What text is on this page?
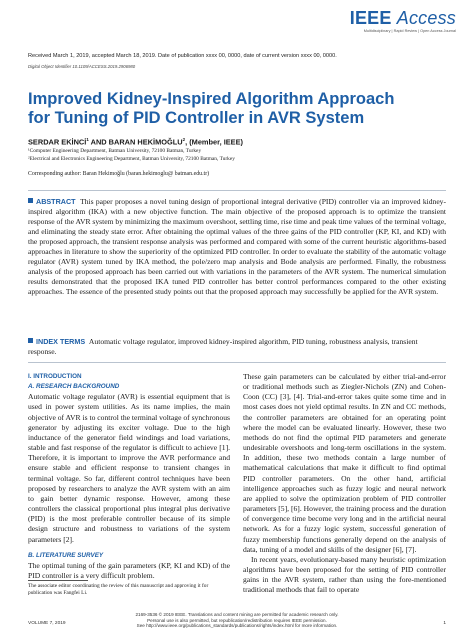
IEEE Access
Multidisciplinary | Rapid Review | Open Access Journal
Received March 1, 2019, accepted March 18, 2019. Date of publication xxxx 00, 0000, date of current version xxxx 00, 0000.
Digital Object Identifier 10.1109/ACCESS.2019.2906980
Improved Kidney-Inspired Algorithm Approach
for Tuning of PID Controller in AVR System
SERDAR EKİNCİ$^1$ AND BARAN HEKİMOĞLU$^2$, (Member, IEEE)
¹Computer Engineering Department, Batman University, 72100 Batman, Turkey
²Electrical and Electronics Engineering Department, Batman University, 72100 Batman, Turkey
Corresponding author: Baran Hekimoğlu (baran.hekimoglu@ batman.edu.tr)
ABSTRACT This paper proposes a novel tuning design of proportional integral derivative (PID) controller via an improved kidney-inspired algorithm (IKA) with a new objective function. The main objective of the proposed approach is to optimize the transient response of the AVR system by minimizing the maximum overshoot, settling time, rise time and peak time values of the terminal voltage, and eliminating the steady state error. After obtaining the optimal values of the three gains of the PID controller (KP, KI, and KD) with the proposed approach, the transient response analysis was performed and compared with some of the current heuristic algorithms-based approaches in literature to show the superiority of the optimized PID controller. In order to evaluate the stability of the automatic voltage regulator (AVR) system tuned by IKA method, the pole/zero map analysis and Bode analysis are performed. Finally, the robustness analysis of the proposed approach has been carried out with variations in the parameters of the AVR system. The numerical simulation results demonstrated that the proposed IKA tuned PID controller has better control performances compared to the other existing approaches. The essence of the presented study points out that the proposed approach may successfully be applied for the AVR system.
INDEX TERMS Automatic voltage regulator, improved kidney-inspired algorithm, PID tuning, robustness analysis, transient response.
I. INTRODUCTION
A. RESEARCH BACKGROUND

Automatic voltage regulator (AVR) is essential equipment that is used in power system utilities. As its name implies, the main objective of AVR is to control the terminal voltage of synchronous generator by adjusting its exciter voltage. Due to the high inductance of the generator field windings and load variations, stable and fast response of the regulator is difficult to achieve [1]. Therefore, it is important to improve the AVR performance and ensure stable and efficient response to transient changes in terminal voltage. So far, different control techniques have been proposed by researchers to analyze the AVR system with an aim to gain better dynamic response. However, among these controllers the classical proportional plus integral plus derivative (PID) is the most preferable controller because of its simple design structure and robustness to variations of the system parameters [2].

B. LITERATURE SURVEY

The optimal tuning of the gain parameters (KP, KI and KD) of the PID controller is a very difficult problem.

The associate editor coordinating the review of this manuscript and approving it for publication was Fangfei Li.

These gain parameters can be calculated by either trial-and-error or traditional methods such as Ziegler-Nichols (ZN) and Cohen-Coon (CC) [3], [4]. Trial-and-error takes quite some time and in most cases does not yield optimal results. In ZN and CC methods, the controller parameters are obtained for an operating point where the model can be evaluated linearly. However, these two methods do not find the optimal PID parameters and generate undesirable overshoots and long-term oscillations in the system. In addition, these two methods contain a large number of mathematical calculations that make it difficult to find optimal PID controller parameters. On the other hand, artificial intelligence approaches such as fuzzy logic and neural network are applied to solve the optimization problem of PID controller parameters [5], [6]. However, the training process and the duration of convergence time become very long and in the artificial neural network. As for a fuzzy logic system, successful generation of fuzzy membership functions generally depend on the analysis of data, tuning of a model and skills of the designer [6], [7].

In recent years, evolutionary-based many heuristic optimization algorithms have been proposed for the setting of PID controller gains in the AVR system, rather than using the fore-mentioned traditional methods that fail to operate

2169-3536 © 2019 IEEE. Translations and content mining are permitted for academic research only.
Personal use is also permitted, but republication/redistribution requires IEEE permission.
See http://www.ieee.org/publications_standards/publications/rights/index.html for more information.
VOLUME 7, 2019	1
